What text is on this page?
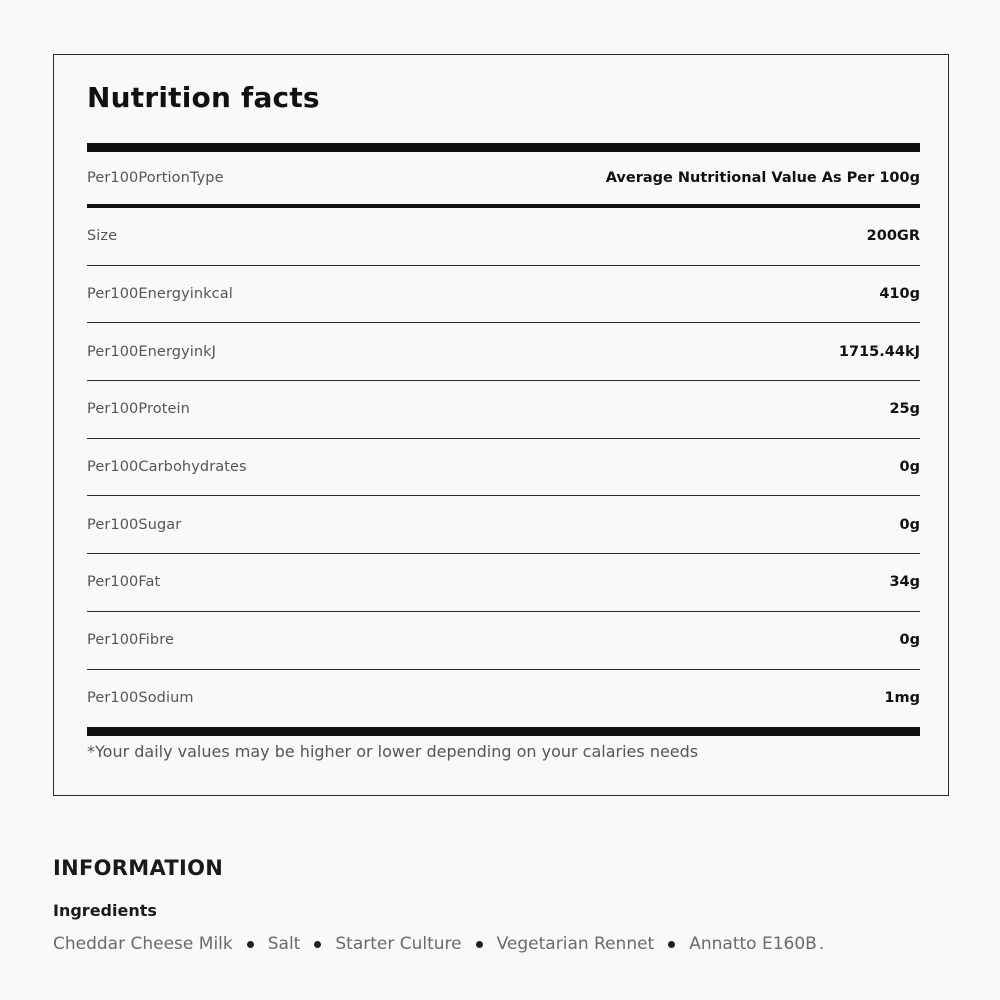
Nutrition facts
Per100PortionType	Average Nutritional Value As Per 100g
Size	200GR
Per100Energyinkcal	410g
Per100EnergyinkJ	1715.44kJ
Per100Protein	25g
Per100Carbohydrates	0g
Per100Sugar	0g
Per100Fat	34g
Per100Fibre	0g
Per100Sodium	1mg
*Your daily values may be higher or lower depending on your calaries needs
INFORMATION
Ingredients
Cheddar Cheese Milk Salt Starter Culture Vegetarian Rennet Annatto E160B .
